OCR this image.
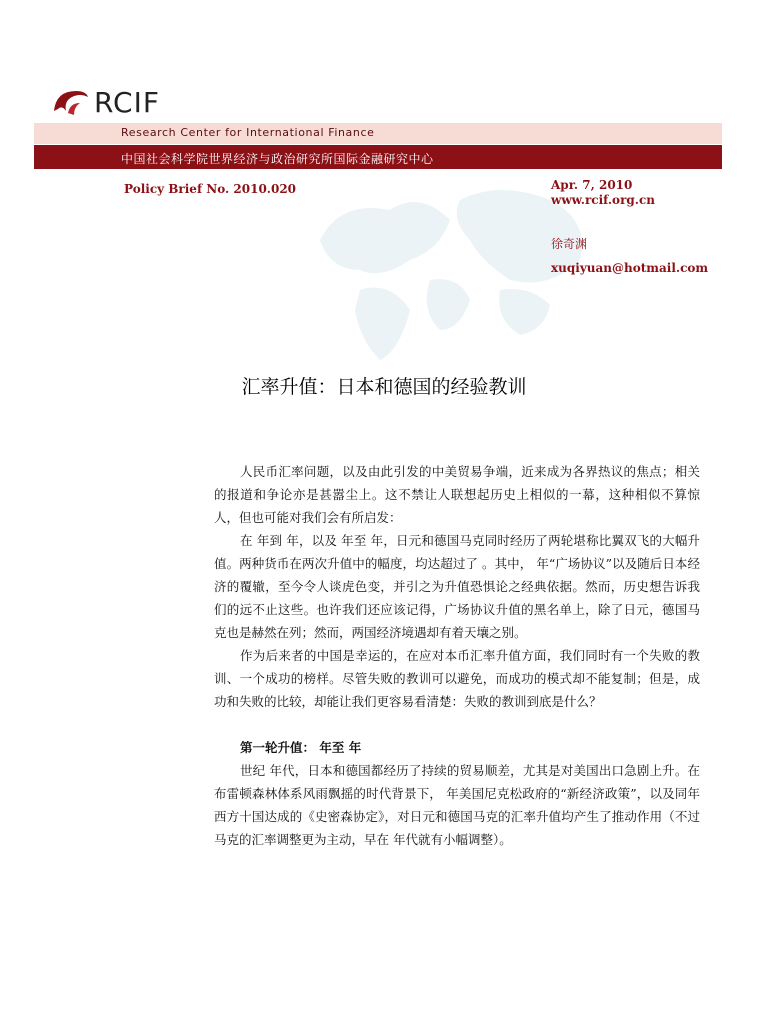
RCIF
Research Center for International Finance
中国社会科学院世界经济与政治研究所国际金融研究中心
Policy Brief No. 2010.020	Apr. 7, 2010
www.rcif.org.cn
徐奇渊
xuqiyuan@hotmail.com
汇率升值：日本和德国的经验教训

人民币汇率问题，以及由此引发的中美贸易争端，近来成为各界热议的焦点；相关的报道和争论亦是甚嚣尘上。这不禁让人联想起历史上相似的一幕，这种相似不算惊人，但也可能对我们会有所启发：

在 年到 年，以及 年至 年，日元和德国马克同时经历了两轮堪称比翼双飞的大幅升值。两种货币在两次升值中的幅度，均达超过了 。其中， 年“广场协议”以及随后日本经济的覆辙，至今令人谈虎色变，并引之为升值恐惧论之经典依据。然而，历史想告诉我们的远不止这些。也许我们还应该记得，广场协议升值的黑名单上，除了日元，德国马克也是赫然在列；然而，两国经济境遇却有着天壤之别。

作为后来者的中国是幸运的，在应对本币汇率升值方面，我们同时有一个失败的教训、一个成功的榜样。尽管失败的教训可以避免，而成功的模式却不能复制；但是，成功和失败的比较，却能让我们更容易看清楚：失败的教训到底是什么？

第一轮升值： 年至 年

世纪 年代，日本和德国都经历了持续的贸易顺差，尤其是对美国出口急剧上升。在布雷顿森林体系风雨飘摇的时代背景下， 年美国尼克松政府的“新经济政策”，以及同年西方十国达成的《史密森协定》，对日元和德国马克的汇率升值均产生了推动作用（不过马克的汇率调整更为主动，早在 年代就有小幅调整）。
